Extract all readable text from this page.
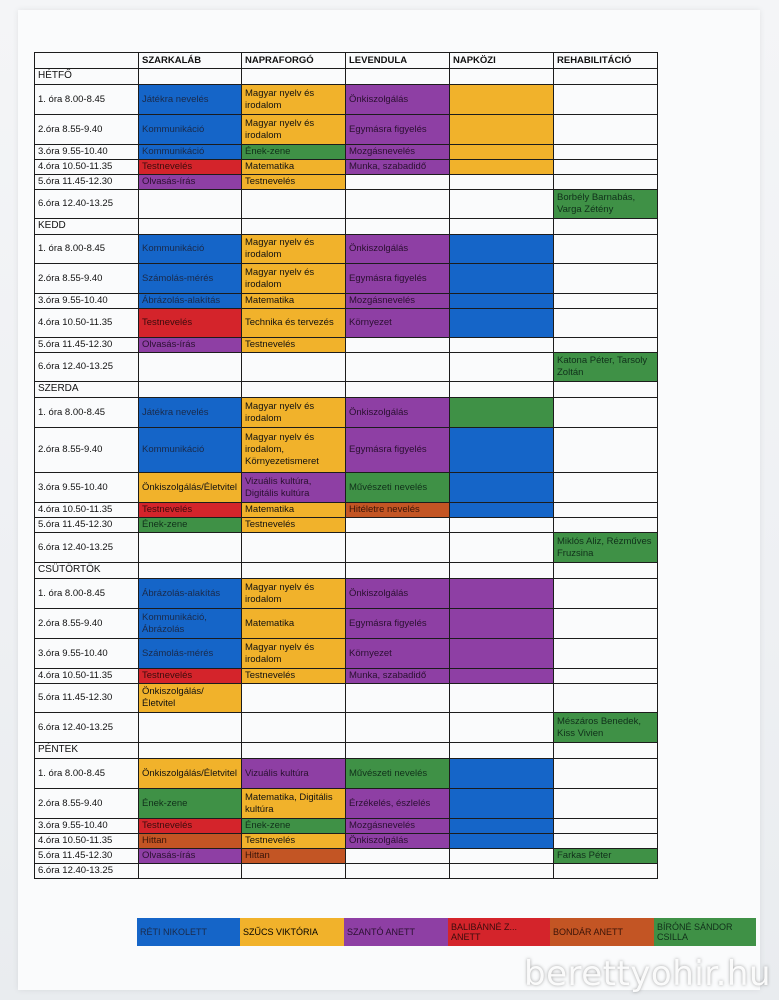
	SZARKALÁB	NAPRAFORGÓ	LEVENDULA	NAPKÖZI	REHABILITÁCIÓ
HÉTFŐ					
1. óra 8.00-8.45	Játékra nevelés	Magyar nyelv és irodalom	Önkiszolgálás		
2.óra 8.55-9.40	Kommunikáció	Magyar nyelv és irodalom	Egymásra figyelés		
3.óra 9.55-10.40	Kommunikáció	Ének-zene	Mozgásnevelés		
4.óra 10.50-11.35	Testnevelés	Matematika	Munka, szabadidő		
5.óra 11.45-12.30	Olvasás-írás	Testnevelés			
6.óra 12.40-13.25					Borbély Barnabás, Varga Zétény
KEDD					
1. óra 8.00-8.45	Kommunikáció	Magyar nyelv és irodalom	Önkiszolgálás		
2.óra 8.55-9.40	Számolás-mérés	Magyar nyelv és irodalom	Egymásra figyelés		
3.óra 9.55-10.40	Ábrázolás-alakítás	Matematika	Mozgásnevelés		
4.óra 10.50-11.35	Testnevelés	Technika és tervezés	Környezet		
5.óra 11.45-12.30	Olvasás-írás	Testnevelés			
6.óra 12.40-13.25					Katona Péter, Tarsoly Zoltán
SZERDA					
1. óra 8.00-8.45	Játékra nevelés	Magyar nyelv és irodalom	Önkiszolgálás		
2.óra 8.55-9.40	Kommunikáció	Magyar nyelv és irodalom, Környezetismeret	Egymásra figyelés		
3.óra 9.55-10.40	Önkiszolgálás/Életvitel	Vizuális kultúra, Digitális kultúra	Művészeti nevelés		
4.óra 10.50-11.35	Testnevelés	Matematika	Hitéletre nevelés		
5.óra 11.45-12.30	Ének-zene	Testnevelés			
6.óra 12.40-13.25					Miklós Aliz, Rézműves Fruzsina
CSÜTÖRTÖK					
1. óra 8.00-8.45	Ábrázolás-alakítás	Magyar nyelv és irodalom	Önkiszolgálás		
2.óra 8.55-9.40	Kommunikáció, Ábrázolás	Matematika	Egymásra figyelés		
3.óra 9.55-10.40	Számolás-mérés	Magyar nyelv és irodalom	Környezet		
4.óra 10.50-11.35	Testnevelés	Testnevelés	Munka, szabadidő		
5.óra 11.45-12.30	Önkiszolgálás/ Életvitel				
6.óra 12.40-13.25					Mészáros Benedek, Kiss Vivien
PÉNTEK					
1. óra 8.00-8.45	Önkiszolgálás/Életvitel	Vizuális kultúra	Művészeti nevelés		
2.óra 8.55-9.40	Ének-zene	Matematika, Digitális kultúra	Érzékelés, észlelés		
3.óra 9.55-10.40	Testnevelés	Ének-zene	Mozgásnevelés		
4.óra 10.50-11.35	Hittan	Testnevelés	Önkiszolgálás		
5.óra 11.45-12.30	Olvasás-írás	Hittan			Farkas Péter
6.óra 12.40-13.25					
RÉTI NIKOLETT	SZŰCS VIKTÓRIA	SZANTÓ ANETT	BALIBÁNNÉ Z... ANETT	BONDÁR ANETT	BÍRÓNÉ SÁNDOR CSILLA
berettyohir.hu
